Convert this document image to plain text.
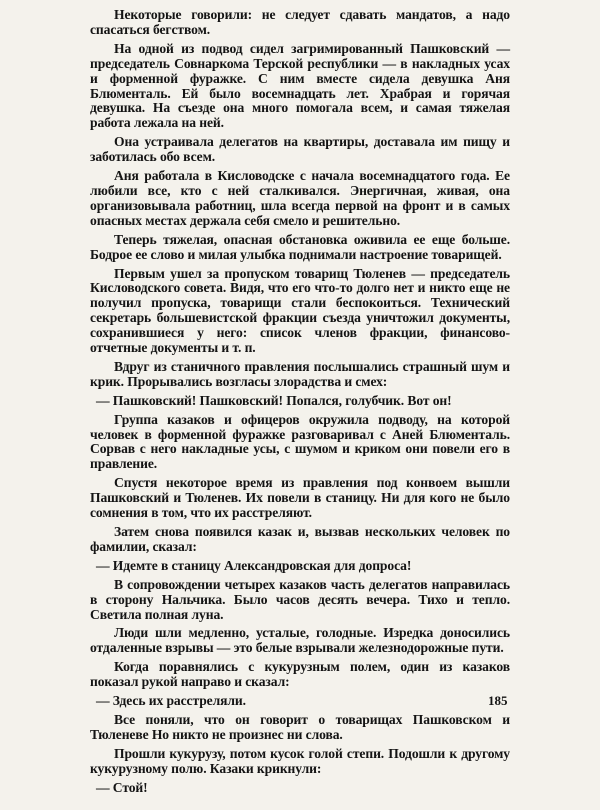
Некоторые говорили: не следует сдавать мандатов, а надо спасаться бегством.

На одной из подвод сидел загримированный Пашковский — председатель Совнаркома Терской республики — в накладных усах и форменной фуражке. С ним вместе сидела девушка Аня Блюменталь. Ей было восемнадцать лет. Храбрая и горячая девушка. На съезде она много помогала всем, и самая тяжелая работа лежала на ней.

Она устраивала делегатов на квартиры, доставала им пищу и заботилась обо всем.

Аня работала в Кисловодске с начала восемнадцатого года. Ее любили все, кто с ней сталкивался. Энергичная, живая, она организовывала работниц, шла всегда первой на фронт и в самых опасных местах держала себя смело и решительно.

Теперь тяжелая, опасная обстановка оживила ее еще больше. Бодрое ее слово и милая улыбка поднимали настроение товарищей.

Первым ушел за пропуском товарищ Тюленев — председатель Кисловодского совета. Видя, что его что-то долго нет и никто еще не получил пропуска, товарищи стали беспокоиться. Технический секретарь большевистской фракции съезда уничтожил документы, сохранившиеся у него: список членов фракции, финансово-отчетные документы и т. п.

Вдруг из станичного правления послышались страшный шум и крик. Прорывались возгласы злорадства и смех:

— Пашковский! Пашковский! Попался, голубчик. Вот он!

Группа казаков и офицеров окружила подводу, на которой человек в форменной фуражке разговаривал с Аней Блюменталь. Сорвав с него накладные усы, с шумом и криком они повели его в правление.

Спустя некоторое время из правления под конвоем вышли Пашковский и Тюленев. Их повели в станицу. Ни для кого не было сомнения в том, что их расстреляют.

Затем снова появился казак и, вызвав нескольких человек по фамилии, сказал:

— Идемте в станицу Александровская для допроса!

В сопровождении четырех казаков часть делегатов направилась в сторону Нальчика. Было часов десять вечера. Тихо и тепло. Светила полная луна.

Люди шли медленно, усталые, голодные. Изредка доносились отдаленные взрывы — это белые взрывали железнодорожные пути.

Когда поравнялись с кукурузным полем, один из казаков показал рукой направо и сказал:

— Здесь их расстреляли.

Все поняли, что он говорит о товарищах Пашковском и Тюленеве Но никто не произнес ни слова.

Прошли кукурузу, потом кусок голой степи. Подошли к другому кукурузному полю. Казаки крикнули:

— Стой!

185
